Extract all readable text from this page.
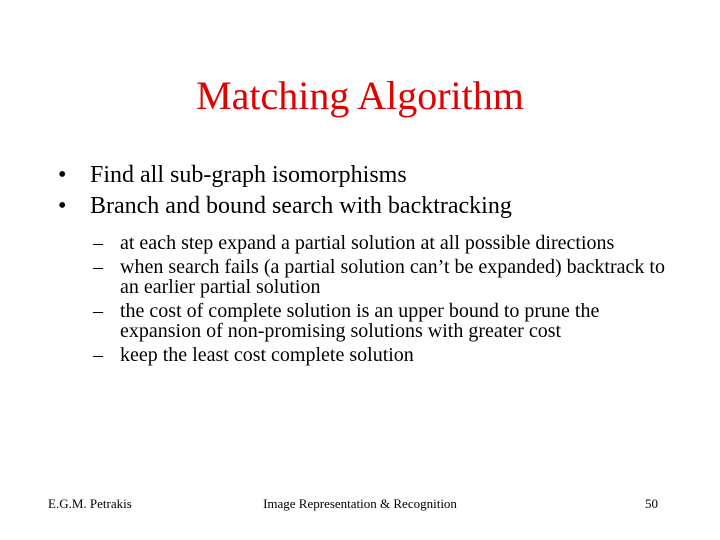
Matching Algorithm
• Find all sub-graph isomorphisms
• Branch and bound search with backtracking
– at each step expand a partial solution at all possible directions
– when search fails (a partial solution can’t be expanded) backtrack to an earlier partial solution
– the cost of complete solution is an upper bound to prune the expansion of non-promising solutions with greater cost
– keep the least cost complete solution
E.G.M. Petrakis	Image Representation & Recognition	50
